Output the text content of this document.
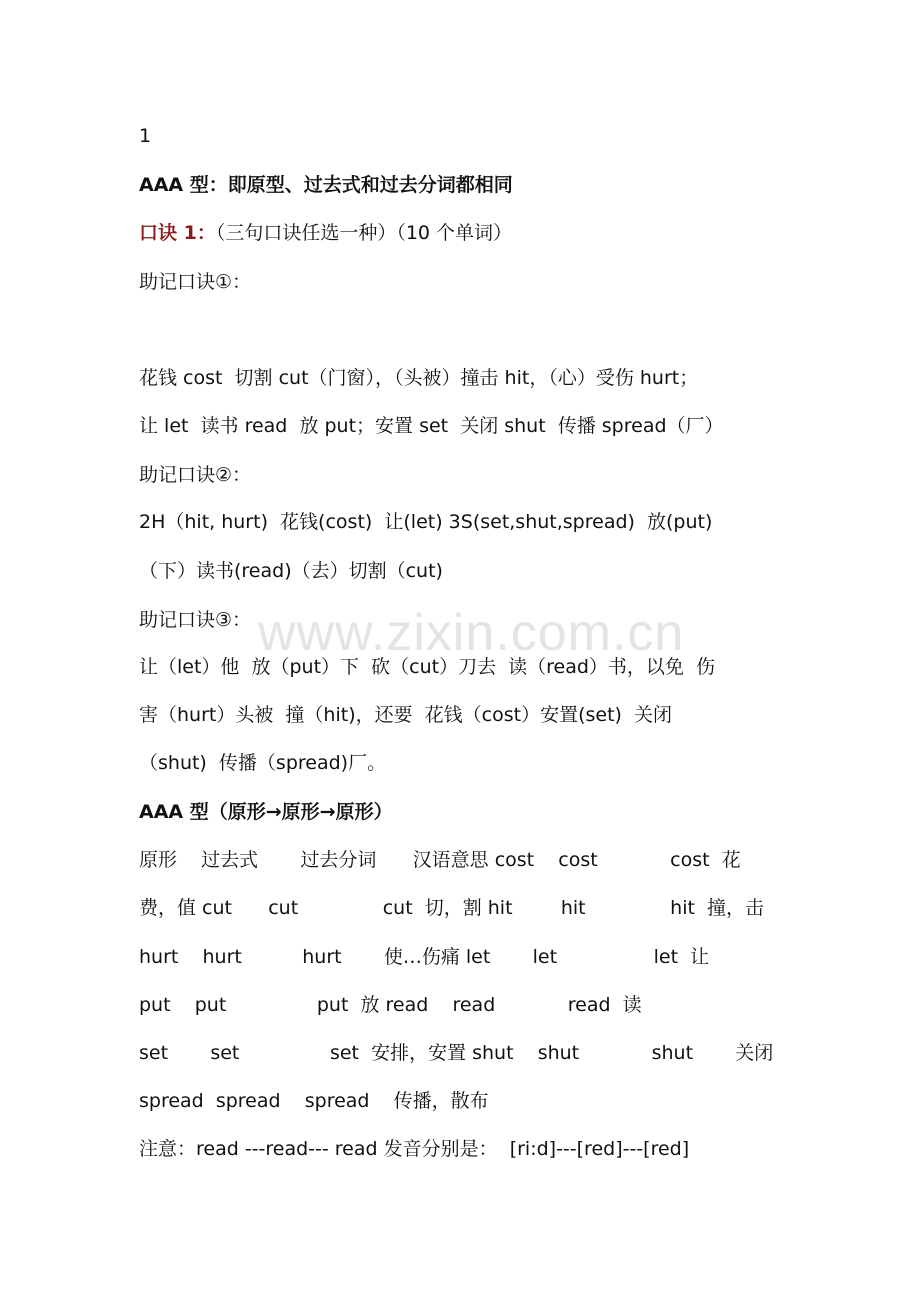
1
AAA 型：即原型、过去式和过去分词都相同
口诀 1：（三句口诀任选一种）（10 个单词）
助记口诀①：
花钱 cost  切割 cut（门窗），（头被）撞击 hit，（心）受伤 hurt；
让 let  读书 read  放 put；安置 set  关闭 shut  传播 spread（厂）
助记口诀②：
2H（hit, hurt)  花钱(cost)  让(let) 3S(set,shut,spread)  放(put)
（下）读书(read)（去）切割（cut)
助记口诀③：
让（let）他  放（put）下  砍（cut）刀去  读（read）书，以免  伤
害（hurt）头被  撞（hit)，还要  花钱（cost）安置(set)  关闭
（shut)  传播（spread)厂。
AAA 型（原形→原形→原形）
原形    过去式       过去分词      汉语意思 cost    cost            cost  花
费，值 cut      cut              cut  切，割 hit        hit              hit  撞，击
hurt    hurt          hurt       使…伤痛 let       let                let  让
put    put               put  放 read    read            read  读
set       set               set  安排，安置 shut    shut            shut       关闭
spread  spread    spread    传播，散布
注意：read ---read--- read 发音分别是：  [ri:d]---[red]---[red]
www.zixin.com.cn
